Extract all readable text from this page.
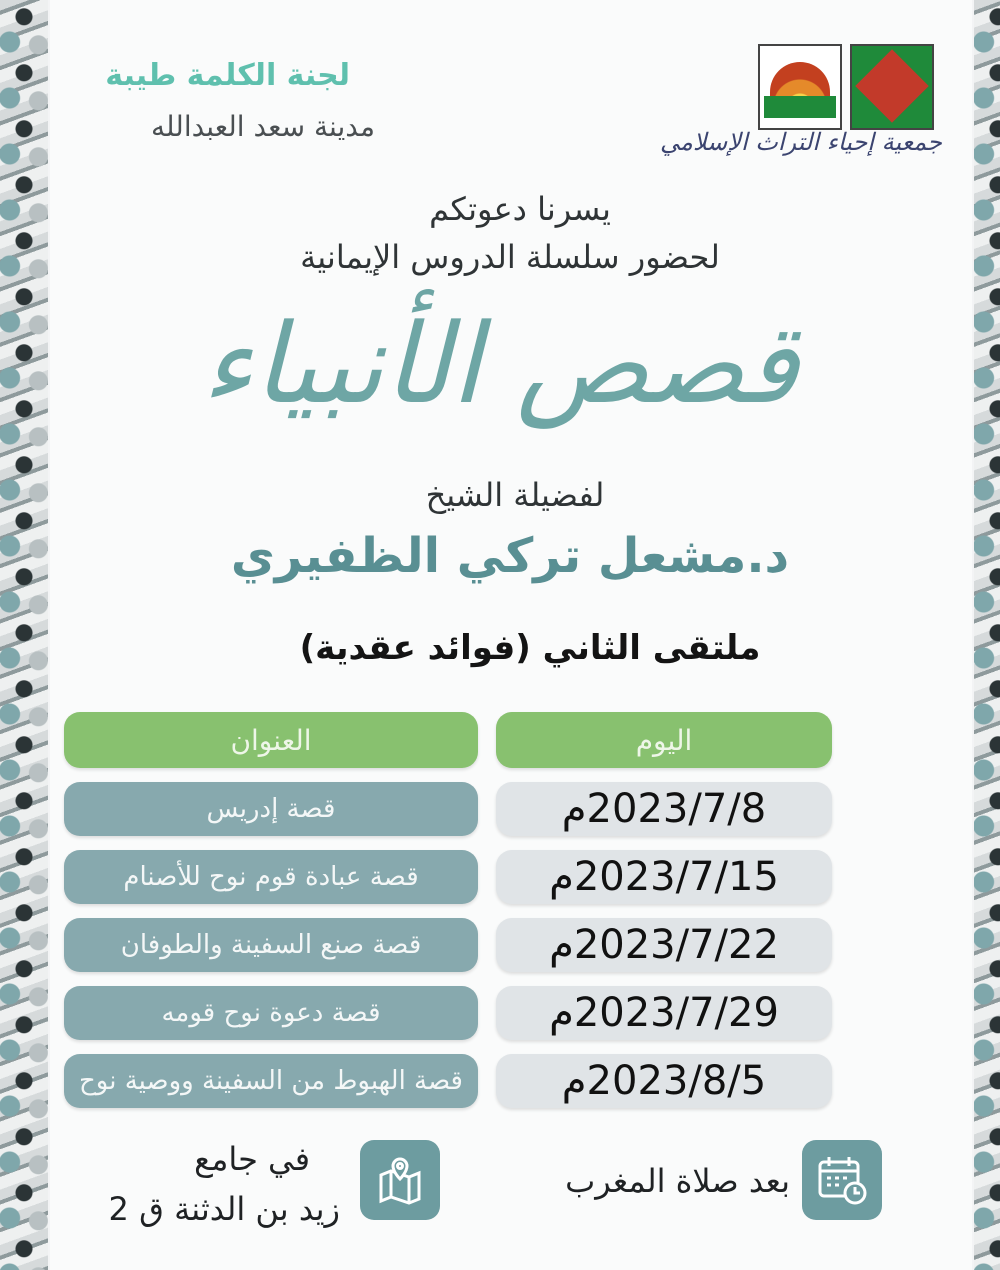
جمعية إحياء التراث الإسلامي
لجنة الكلمة طيبة
مدينة سعد العبدالله
يسرنا دعوتكم
لحضور سلسلة الدروس الإيمانية
قصص الأنبياء
لفضيلة الشيخ
د.مشعل تركي الظفيري
ملتقى الثاني (فوائد عقدية)
العنوان	اليوم
قصة إدريس	م2023/7/8
قصة عبادة قوم نوح للأصنام	م2023/7/15
قصة صنع السفينة والطوفان	م2023/7/22
قصة دعوة نوح قومه	م2023/7/29
قصة الهبوط من السفينة ووصية نوح	م2023/8/5
بعد صلاة المغرب
في جامع
زيد بن الدثنة ق 2
